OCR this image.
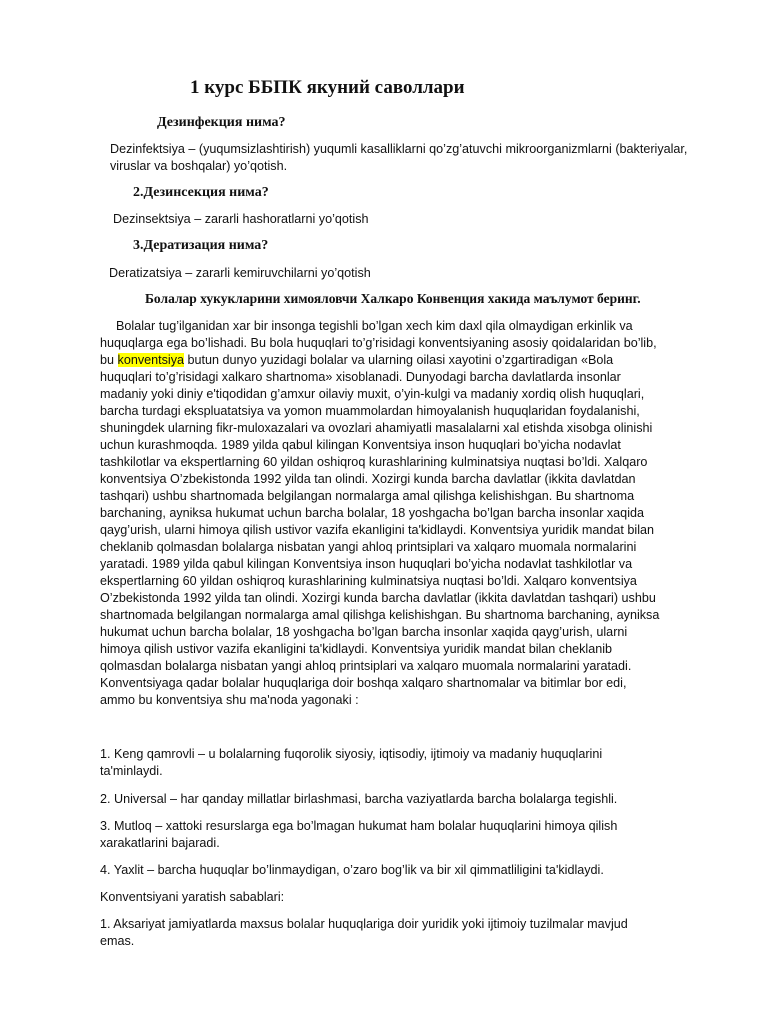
1 курс ББПК якуний саволлари
Дезинфекция нима?

Dezinfektsiya – (yuqumsizlashtirish) yuqumli kasalliklarni qo’zg’atuvchi mikroorganizmlarni (bakteriyalar, viruslar va boshqalar) yo’qotish.

2.Дезинсекция нима?

Dezinsektsiya – zararli hashoratlarni yo’qotish

3.Дератизация нима?

Deratizatsiya – zararli kemiruvchilarni yo’qotish

Болалар хукукларини химояловчи Халкаро Конвенция хакида маълумот беринг.

Bolalar tug’ilganidan xar bir insonga tegishli bo’lgan xech kim daxl qila olmaydigan erkinlik va huquqlarga ega bo’lishadi. Bu bola huquqlari to’g’risidagi konventsiyaning asosiy qoidalaridan bo’lib, bu konventsiya butun dunyo yuzidagi bolalar va ularning oilasi xayotini o’zgartiradigan «Bola huquqlari to’g’risidagi xalkaro shartnoma» xisoblanadi. Dunyodagi barcha davlatlarda insonlar madaniy yoki diniy e'tiqodidan g’amxur oilaviy muxit, o’yin-kulgi va madaniy xordiq olish huquqlari, barcha turdagi ekspluatatsiya va yomon muammolardan himoyalanish huquqlaridan foydalanishi, shuningdek ularning fikr-muloxazalari va ovozlari ahamiyatli masalalarni xal etishda xisobga olinishi uchun kurashmoqda. 1989 yilda qabul kilingan Konventsiya inson huquqlari bo’yicha nodavlat tashkilotlar va ekspertlarning 60 yildan oshiqroq kurashlarining kulminatsiya nuqtasi bo’ldi. Xalqaro konventsiya O’zbekistonda 1992 yilda tan olindi. Xozirgi kunda barcha davlatlar (ikkita davlatdan tashqari) ushbu shartnomada belgilangan normalarga amal qilishga kelishishgan. Bu shartnoma barchaning, ayniksa hukumat uchun barcha bolalar, 18 yoshgacha bo’lgan barcha insonlar xaqida qayg’urish, ularni himoya qilish ustivor vazifa ekanligini ta'kidlaydi. Konventsiya yuridik mandat bilan cheklanib qolmasdan bolalarga nisbatan yangi ahloq printsiplari va xalqaro muomala normalarini yaratadi. 1989 yilda qabul kilingan Konventsiya inson huquqlari bo’yicha nodavlat tashkilotlar va ekspertlarning 60 yildan oshiqroq kurashlarining kulminatsiya nuqtasi bo’ldi. Xalqaro konventsiya O’zbekistonda 1992 yilda tan olindi. Xozirgi kunda barcha davlatlar (ikkita davlatdan tashqari) ushbu shartnomada belgilangan normalarga amal qilishga kelishishgan. Bu shartnoma barchaning, ayniksa hukumat uchun barcha bolalar, 18 yoshgacha bo’lgan barcha insonlar xaqida qayg’urish, ularni himoya qilish ustivor vazifa ekanligini ta'kidlaydi. Konventsiya yuridik mandat bilan cheklanib qolmasdan bolalarga nisbatan yangi ahloq printsiplari va xalqaro muomala normalarini yaratadi. Konventsiyaga qadar bolalar huquqlariga doir boshqa xalqaro shartnomalar va bitimlar bor edi, ammo bu konventsiya shu ma'noda yagonaki :

1. Keng qamrovli – u bolalarning fuqorolik siyosiy, iqtisodiy, ijtimoiy va madaniy huquqlarini ta'minlaydi.

2. Universal – har qanday millatlar birlashmasi, barcha vaziyatlarda barcha bolalarga tegishli.

3. Mutloq – xattoki resurslarga ega bo’lmagan hukumat ham bolalar huquqlarini himoya qilish xarakatlarini bajaradi.

4. Yaxlit – barcha huquqlar bo’linmaydigan, o’zaro bog’lik va bir xil qimmatliligini ta'kidlaydi.

Konventsiyani yaratish sabablari:

1. Aksariyat jamiyatlarda maxsus bolalar huquqlariga doir yuridik yoki ijtimoiy tuzilmalar mavjud emas.
